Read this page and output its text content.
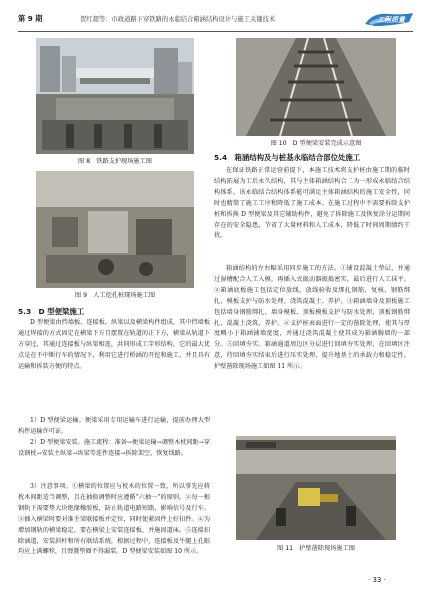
第 9 期	贺红超等：市政道路下穿铁路的永临结合箱涵结构设计与施工关键技术	工程质量
图 8　铁路支护现场施工图
图 9　人工挖孔桩现场施工图
5.3　D 型便梁施工
D 型便梁由挡墙板、连接板、纵梁以及横梁构件组成，其中挡墙板通过焊接的方式固定在横梁下方且摆置在轨道的正下方，横梁从轨道下方穿过，其通过连接板与纵梁相连，共同形成工字形结构，它的最大优点是在不中断行车的情况下，利用它进行桥涵的开挖和施工，并且具有运输和拆装方便的特点。
1）D 型便梁运输。便梁采用专用运输车进行运输，提前办理大型构件运输许可证。
2）D 型便梁安装。施工流程：准备→便梁运输→调整木枕间距→穿设钢枕→安装主纵梁→纵梁等连件连接→拆除架空、恢复线路。
3）注意事项。①横梁的位置应与枕木的位置一致，所以事先应将枕木间距适当调整，且在抽换调整时应遵循“六抽一”的原则。②每一根钢轨下需要垫大块绝缘橡胶板，防止轨道电路短路，影响信号及行车。③插入横梁时要对准主梁联接板并定位，同时使紧固件上好扣件。④为增加钢轨的横梁稳定，要在横梁上安装连接板，并施固道床。⑤连接扣除涵道，安装斜杆和所有联结系统，根据过程中，连接板及牛腿上孔眼均应上满螺栓，且弹簧垫圈不得漏装。D 型便梁安装如图 10 所示。
图 10　D 型便梁安装完成示意图
5.4　箱涵结构及与桩基永临结合部位处施工
在保证铁路正常运营前提下，本施工技术将支护桩由施工期的临时结构拓展为工后永久结构，其与主体箱涵结构合二为一形成永临结合结构体系。该永临结合结构体系能可满足主体箱涵结构的施工安全性，同时也精简了施工工序和降低了施工成本。在施工过程中不需要拆除支护桩和拆换 D 型便梁及其它辅助构件，避免了拆除施工及恢复涂分运期间存在的安全隐患，节省了大量材料和人工成本，降低了时间周期绩约干扰。
箱涵结构的左右幅采用同步施工的方法。①铺设混凝土垫层，并通过湿槽配合人工入模，再插入式振动器振捣密实，最后进行人工抹平。②箱涵底板施工包括定位放线、放线验收及绑扎钢筋，复核、钢筋绑扎、模板支护与防水处理、浇筑混凝土、养护。③箱涵墙身及顶板施工包括墙身钢筋绑扎、墙身模板、顶板模板支护与防水处理、顶板钢筋绑扎、混凝土浇筑、养护。④支护桩表面进行一定的凿除处理，使其与厚度概小于箱涵铺墙宽度，并通过浇筑混凝土使其成为箱涵胸墙的一部分。⑤回填夯实。箱涵通道周边区分层进行回填夯实处理，在回填区注意，待回填夯实结束后进行压实处理，提升地基土的承载力和稳定性。护壁凿除现场施工如图 11 所示。
图 11　护壁凿除现场施工图
· 33 ·
